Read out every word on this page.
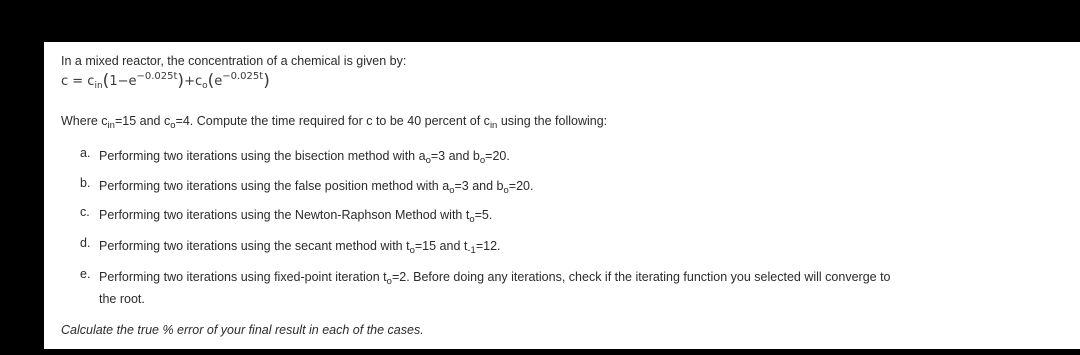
In a mixed reactor, the concentration of a chemical is given by:
$c = c_{in}(1-e^{-0.025t})+c_o(e^{-0.025t})$
Where $c_{in}=15$ and $c_o=4$. Compute the time required for c to be 40 percent of $c_{in}$ using the following:
a. Performing two iterations using the bisection method with $a_o=3$ and $b_o=20$.
b. Performing two iterations using the false position method with $a_o=3$ and $b_o=20$.
c. Performing two iterations using the Newton-Raphson Method with $t_o=5$.
d. Performing two iterations using the secant method with $t_o=15$ and $t_{-1}=12$.
e. Performing two iterations using fixed-point iteration $t_o=2$. Before doing any iterations, check if the iterating function you selected will converge to
the root.
Calculate the true % error of your final result in each of the cases.
